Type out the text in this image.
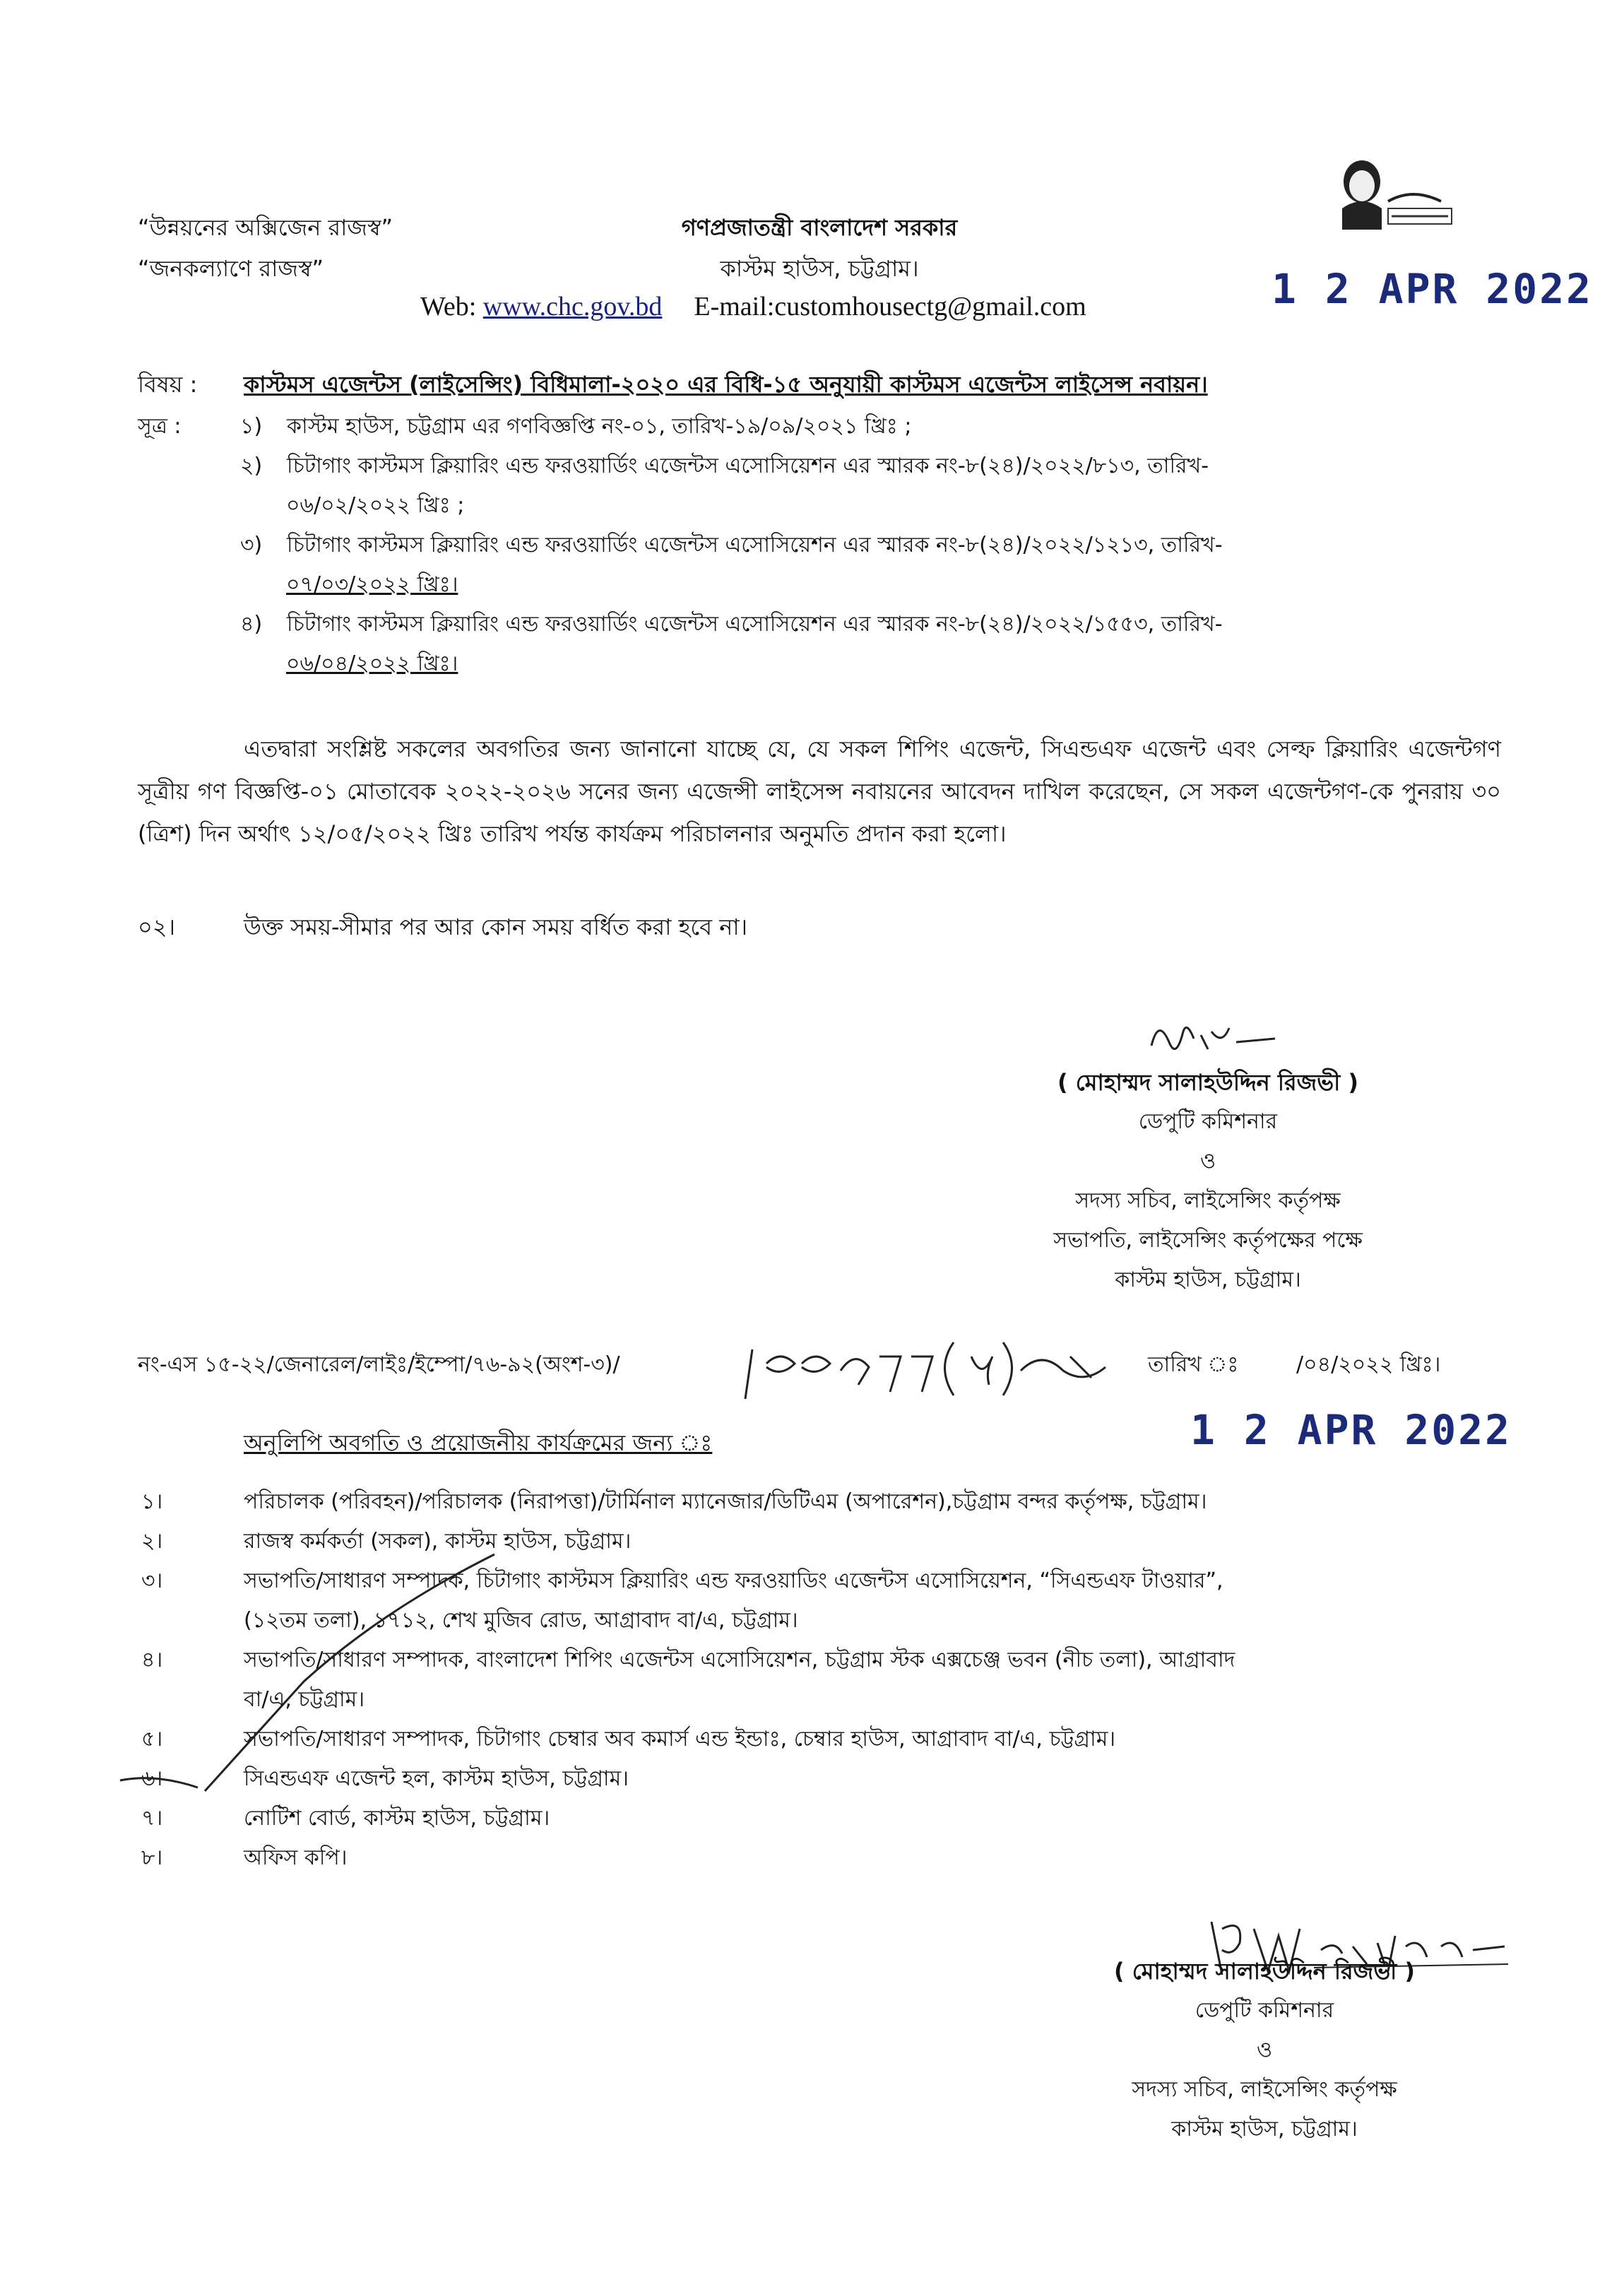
“উন্নয়নের অক্সিজেন রাজস্ব”
“জনকল্যাণে রাজস্ব”
গণপ্রজাতন্ত্রী বাংলাদেশ সরকার
কাস্টম হাউস, চট্টগ্রাম।
Web: www.chc.gov.bd E-mail:customhousectg@gmail.com	1 2 APR 2022
বিষয় : কাস্টমস এজেন্টস (লাইসেন্সিং) বিধিমালা-২০২০ এর বিধি-১৫ অনুযায়ী কাস্টমস এজেন্টস লাইসেন্স নবায়ন।
সূত্র :	১) কাস্টম হাউস, চট্টগ্রাম এর গণবিজ্ঞপ্তি নং-০১, তারিখ-১৯/০৯/২০২১ খ্রিঃ ;
২) চিটাগাং কাস্টমস ক্লিয়ারিং এন্ড ফরওয়ার্ডিং এজেন্টস এসোসিয়েশন এর স্মারক নং-৮(২৪)/২০২২/৮১৩, তারিখ-
০৬/০২/২০২২ খ্রিঃ ;
৩) চিটাগাং কাস্টমস ক্লিয়ারিং এন্ড ফরওয়ার্ডিং এজেন্টস এসোসিয়েশন এর স্মারক নং-৮(২৪)/২০২২/১২১৩, তারিখ-
০৭/০৩/২০২২ খ্রিঃ।
৪) চিটাগাং কাস্টমস ক্লিয়ারিং এন্ড ফরওয়ার্ডিং এজেন্টস এসোসিয়েশন এর স্মারক নং-৮(২৪)/২০২২/১৫৫৩, তারিখ-
০৬/০৪/২০২২ খ্রিঃ।
এতদ্বারা সংশ্লিষ্ট সকলের অবগতির জন্য জানানো যাচ্ছে যে, যে সকল শিপিং এজেন্ট, সিএন্ডএফ এজেন্ট এবং সেল্ফ ক্লিয়ারিং এজেন্টগণ সূত্রীয় গণ বিজ্ঞপ্তি-০১ মোতাবেক ২০২২-২০২৬ সনের জন্য এজেন্সী লাইসেন্স নবায়নের আবেদন দাখিল করেছেন, সে সকল এজেন্টগণ-কে পুনরায় ৩০ (ত্রিশ) দিন অর্থাৎ ১২/০৫/২০২২ খ্রিঃ তারিখ পর্যন্ত কার্যক্রম পরিচালনার অনুমতি প্রদান করা হলো।
০২।	উক্ত সময়-সীমার পর আর কোন সময় বর্ধিত করা হবে না।
( মোহাম্মদ সালাহউদ্দিন রিজভী )
ডেপুটি কমিশনার
ও
সদস্য সচিব, লাইসেন্সিং কর্তৃপক্ষ
সভাপতি, লাইসেন্সিং কর্তৃপক্ষের পক্ষে
কাস্টম হাউস, চট্টগ্রাম।
নং-এস ১৫-২২/জেনারেল/লাইঃ/ইম্পো/৭৬-৯২(অংশ-৩)/	তারিখ ঃ	/০৪/২০২২ খ্রিঃ।
1 2 APR 2022
অনুলিপি অবগতি ও প্রয়োজনীয় কার্যক্রমের জন্য ঃ
১।	পরিচালক (পরিবহন)/পরিচালক (নিরাপত্তা)/টার্মিনাল ম্যানেজার/ডিটিএম (অপারেশন),চট্টগ্রাম বন্দর কর্তৃপক্ষ, চট্টগ্রাম।
২।	রাজস্ব কর্মকর্তা (সকল), কাস্টম হাউস, চট্টগ্রাম।
৩।	সভাপতি/সাধারণ সম্পাদক, চিটাগাং কাস্টমস ক্লিয়ারিং এন্ড ফরওয়াডিং এজেন্টস এসোসিয়েশন, “সিএন্ডএফ টাওয়ার”,
(১২তম তলা), ১৭১২, শেখ মুজিব রোড, আগ্রাবাদ বা/এ, চট্টগ্রাম।
৪।	সভাপতি/সাধারণ সম্পাদক, বাংলাদেশ শিপিং এজেন্টস এসোসিয়েশন, চট্টগ্রাম স্টক এক্সচেঞ্জ ভবন (নীচ তলা), আগ্রাবাদ
বা/এ, চট্টগ্রাম।
৫।	সভাপতি/সাধারণ সম্পাদক, চিটাগাং চেম্বার অব কমার্স এন্ড ইন্ডাঃ, চেম্বার হাউস, আগ্রাবাদ বা/এ, চট্টগ্রাম।
৬।	সিএন্ডএফ এজেন্ট হল, কাস্টম হাউস, চট্টগ্রাম।
৭।	নোটিশ বোর্ড, কাস্টম হাউস, চট্টগ্রাম।
৮।	অফিস কপি।
( মোহাম্মদ সালাহউদ্দিন রিজভী )
ডেপুটি কমিশনার
ও
সদস্য সচিব, লাইসেন্সিং কর্তৃপক্ষ
কাস্টম হাউস, চট্টগ্রাম।
